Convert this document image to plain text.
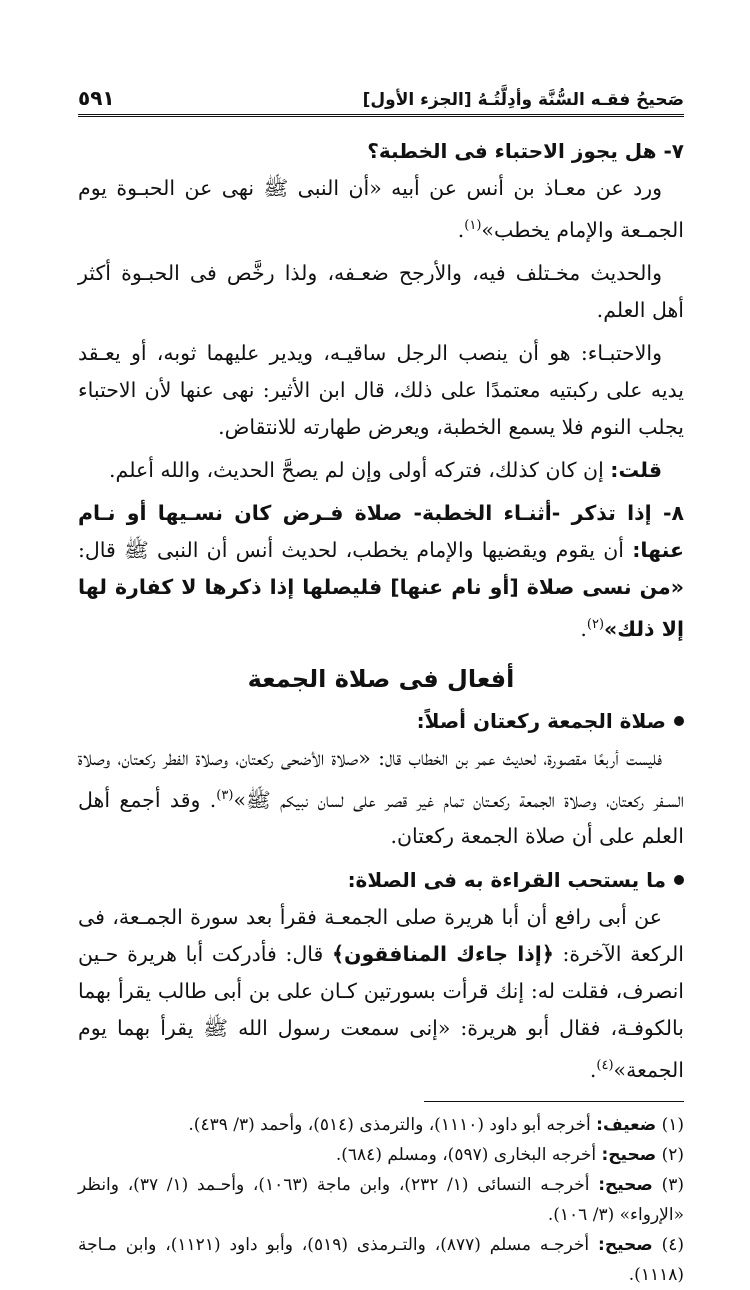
صَحيحُ فقـه السُّنَّة وأدِلَّتُـهُ [الجزء الأول]
٥٩١

٧- هل يجوز الاحتباء فى الخطبة؟

ورد عن معـاذ بن أنس عن أبيه «أن النبى ﷺ نهى عن الحبـوة يوم الجمـعة والإمام يخطب»$^{(١)}$.

والحديث مخـتلف فيه، والأرجح ضعـفه، ولذا رخَّص فى الحبـوة أكثر أهل العلم.

والاحتبـاء: هو أن ينصب الرجل ساقيـه، ويدير عليهما ثوبه، أو يعـقد يديه على ركبتيه معتمدًا على ذلك، قال ابن الأثير: نهى عنها لأن الاحتباء يجلب النوم فلا يسمع الخطبة، ويعرض طهارته للانتقاض.

قلت: إن كان كذلك، فتركه أولى وإن لم يصحَّ الحديث، والله أعلم.

٨- إذا تذكر -أثنـاء الخطبة- صلاة فـرض كان نسـيها أو نـام عنها: أن يقوم ويقضيها والإمام يخطب، لحديث أنس أن النبى ﷺ قال: «من نسى صلاة [أو نام عنها] فليصلها إذا ذكرها لا كفارة لها إلا ذلك»$^{(٢)}$.

أفعال فى صلاة الجمعة
صلاة الجمعة ركعتان أصلاً:

فليست أربعًا مقصورة، لحديث عمر بن الخطاب قال: «صلاة الأضحى ركعتان، وصلاة الفطر ركعتان، وصلاة السـفر ركعتان، وصلاة الجمعة ركعـتان تمام غير قصر على لسان نبيكم ﷺ»$^{(٣)}$. وقد أجمع أهل العلم على أن صلاة الجمعة ركعتان.

ما يستحب القراءة به فى الصلاة:

عن أبى رافع أن أبا هريرة صلى الجمعـة فقرأ بعد سورة الجمـعة، فى الركعة الآخرة: ﴿إذا جاءك المنافقون﴾ قال: فأدركت أبا هريرة حـين انصرف، فقلت له: إنك قرأت بسورتين كـان على بن أبى طالب يقرأ بهما بالكوفـة، فقال أبو هريرة: «إنى سمعت رسول الله ﷺ يقرأ بهما يوم الجمعة»$^{(٤)}$.

(١) ضعيف: أخرجه أبو داود (١١١٠)، والترمذى (٥١٤)، وأحمد (٣/ ٤٣٩).

(٢) صحيح: أخرجه البخارى (٥٩٧)، ومسلم (٦٨٤).

(٣) صحيح: أخرجـه النسائى (١/ ٢٣٢)، وابن ماجة (١٠٦٣)، وأحـمد (١/ ٣٧)، وانظر «الإرواء» (٣/ ١٠٦).

(٤) صحيح: أخرجـه مسلم (٨٧٧)، والتـرمذى (٥١٩)، وأبو داود (١١٢١)، وابن مـاجة (١١١٨).
